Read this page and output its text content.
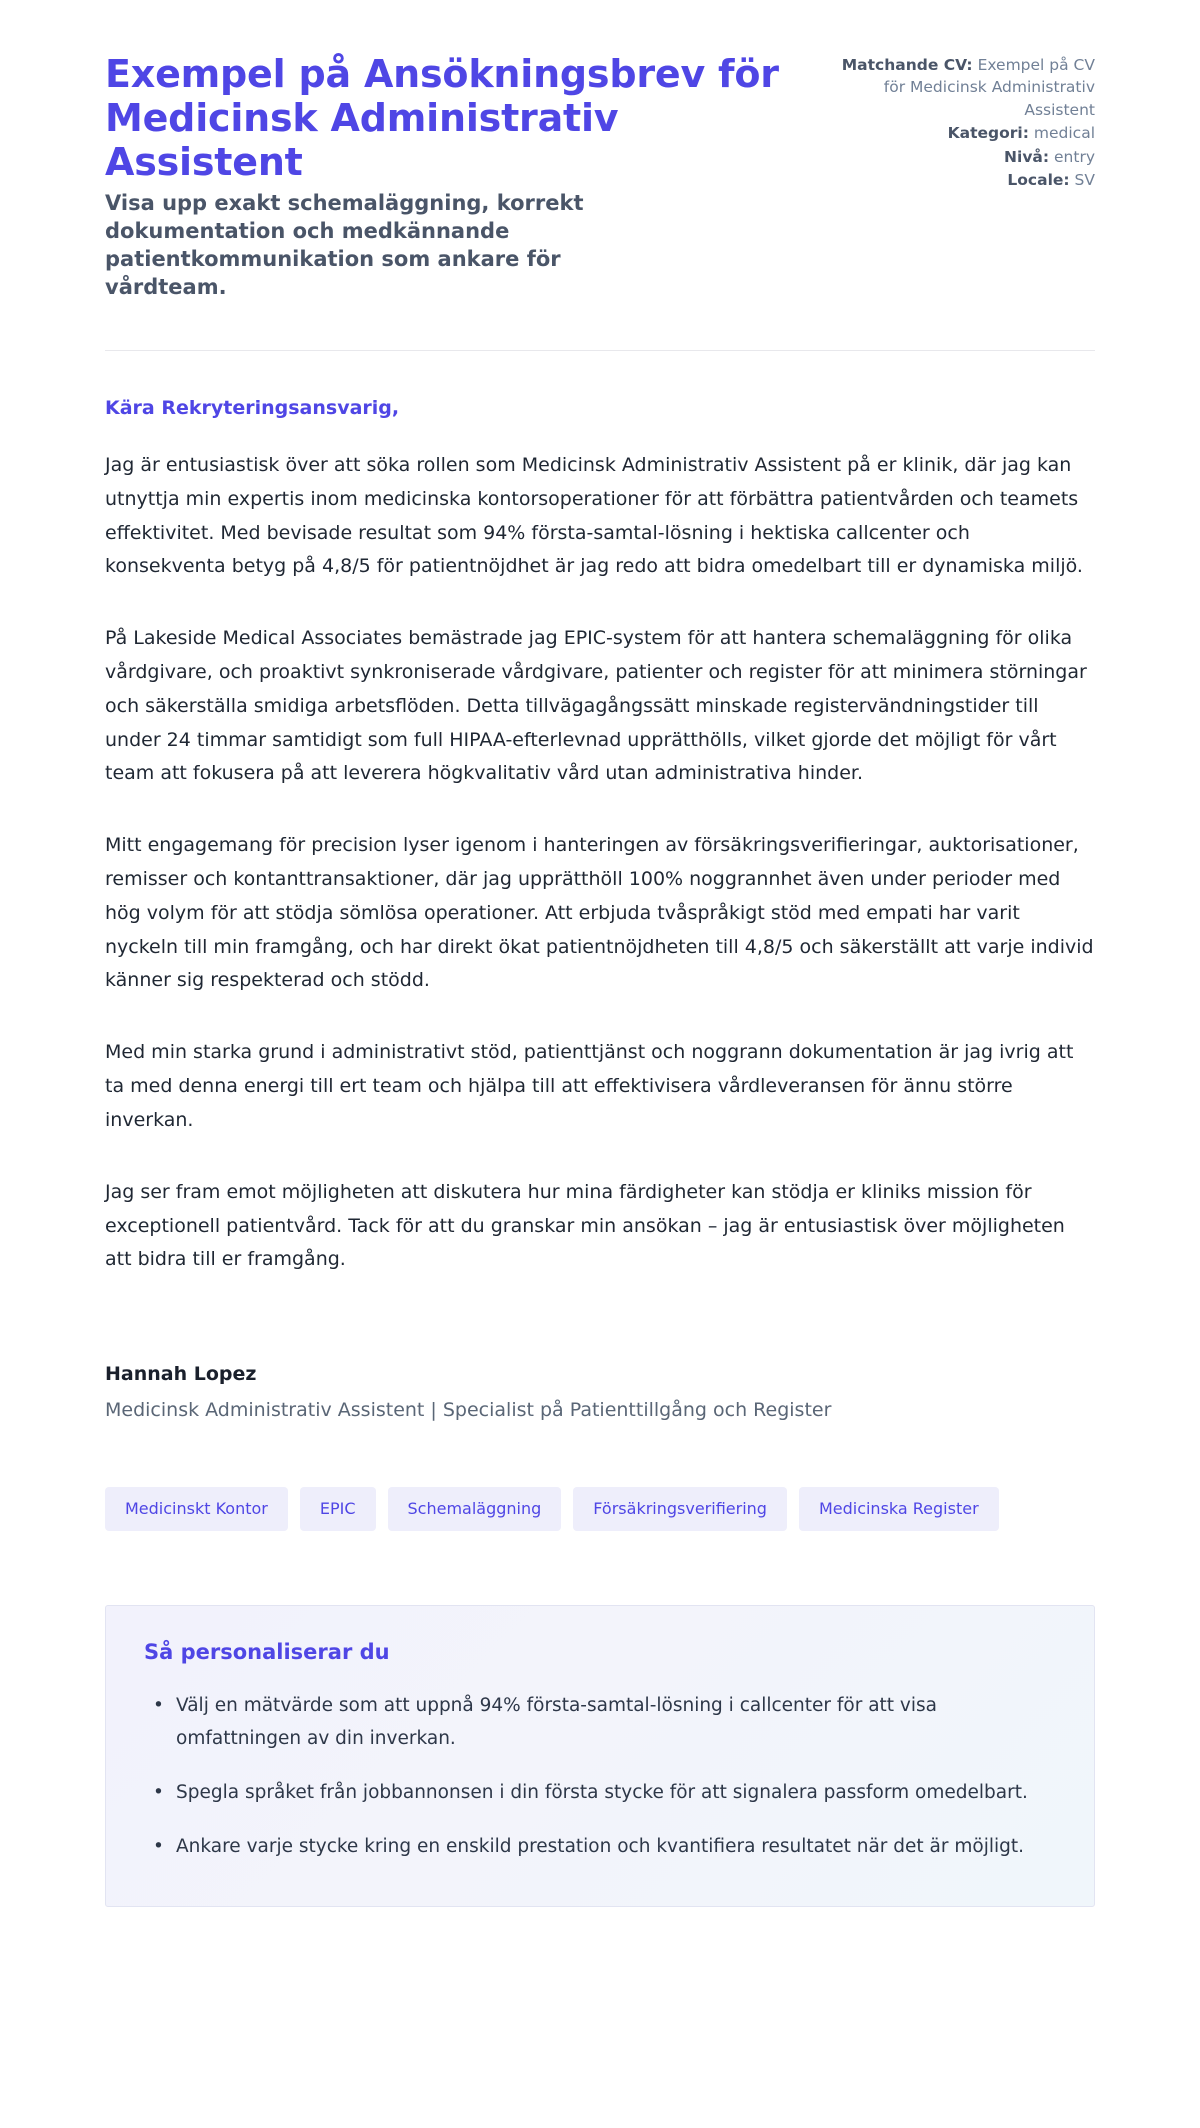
Exempel på Ansökningsbrev för Medicinsk Administrativ Assistent

Visa upp exakt schemaläggning, korrekt dokumentation och medkännande patientkommunikation som ankare för vårdteam.

Matchande CV: Exempel på CV för Medicinsk Administrativ Assistent
Kategori: medical
Nivå: entry
Locale: SV

Kära Rekryteringsansvarig,

Jag är entusiastisk över att söka rollen som Medicinsk Administrativ Assistent på er klinik, där jag kan utnyttja min expertis inom medicinska kontorsoperationer för att förbättra patientvården och teamets effektivitet. Med bevisade resultat som 94% första-samtal-lösning i hektiska callcenter och konsekventa betyg på 4,8/5 för patientnöjdhet är jag redo att bidra omedelbart till er dynamiska miljö.

På Lakeside Medical Associates bemästrade jag EPIC-system för att hantera schemaläggning för olika vårdgivare, och proaktivt synkroniserade vårdgivare, patienter och register för att minimera störningar och säkerställa smidiga arbetsflöden. Detta tillvägagångssätt minskade registervändningstider till under 24 timmar samtidigt som full HIPAA-efterlevnad upprätthölls, vilket gjorde det möjligt för vårt team att fokusera på att leverera högkvalitativ vård utan administrativa hinder.

Mitt engagemang för precision lyser igenom i hanteringen av försäkringsverifieringar, auktorisationer, remisser och kontanttransaktioner, där jag upprätthöll 100% noggrannhet även under perioder med hög volym för att stödja sömlösa operationer. Att erbjuda tvåspråkigt stöd med empati har varit nyckeln till min framgång, och har direkt ökat patientnöjdheten till 4,8/5 och säkerställt att varje individ känner sig respekterad och stödd.

Med min starka grund i administrativt stöd, patienttjänst och noggrann dokumentation är jag ivrig att ta med denna energi till ert team och hjälpa till att effektivisera vårdleveransen för ännu större inverkan.

Jag ser fram emot möjligheten att diskutera hur mina färdigheter kan stödja er kliniks mission för exceptionell patientvård. Tack för att du granskar min ansökan – jag är entusiastisk över möjligheten att bidra till er framgång.

Hannah Lopez

Medicinsk Administrativ Assistent | Specialist på Patienttillgång och Register

Medicinskt Kontor	EPIC	Schemaläggning	Försäkringsverifiering	Medicinska Register
Så personaliserar du
• Välj en mätvärde som att uppnå 94% första-samtal-lösning i callcenter för att visa omfattningen av din inverkan.
• Spegla språket från jobbannonsen i din första stycke för att signalera passform omedelbart.
• Ankare varje stycke kring en enskild prestation och kvantifiera resultatet när det är möjligt.
